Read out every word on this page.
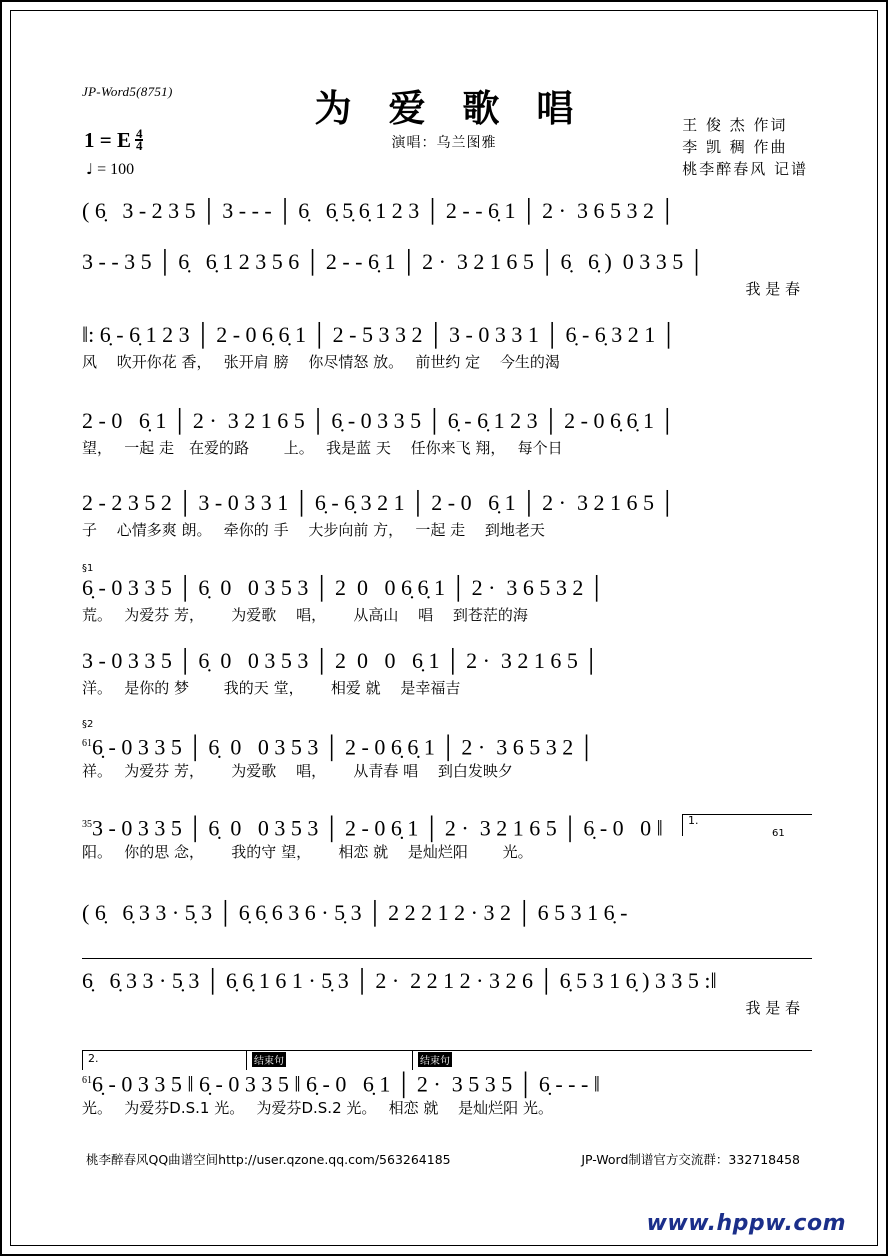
JP-Word5(8751)	为 爱 歌 唱
演唱：乌兰图雅
王 俊 杰 作词
李 凯 稠 作曲
桃李醉春风 记谱
1 = E $\frac{4}{4}$
♩ = 100
( 6̣   3 - 2 3 5 │ 3 - - - │ 6̣   6̣ 5̣ 6̣ 1 2 3 │ 2 - - 6̣ 1 │ 2 ·  3 6 5 3 2 │
3 - - 3 5 │ 6̣   6̣ 1 2 3 5 6 │ 2 - - 6̣ 1 │ 2 ·  3 2 1 6 5 │ 6̣   6̣ )  0 3 3 5 │
我 是 春
‖: 6̣ - 6̣ 1 2 3 │ 2 - 0 6̣ 6̣ 1 │ 2 - 5 3 3 2 │ 3 - 0 3 3 1 │ 6̣ - 6̣ 3 2 1 │
风　 吹开你花 香，　 张开肩 膀　 你尽情怒 放。　 前世约 定　 今生的渴
2 - 0   6̣ 1 │ 2 ·  3 2 1 6 5 │ 6̣ - 0 3 3 5 │ 6̣ - 6̣ 1 2 3 │ 2 - 0 6̣ 6̣ 1 │
望，　 一起 走　在爱的路　　 上。　 我是蓝 天　 任你来飞 翔，　 每个日
2 - 2 3 5 2 │ 3 - 0 3 3 1 │ 6̣ - 6̣ 3 2 1 │ 2 - 0   6̣ 1 │ 2 ·  3 2 1 6 5 │
子　 心情多爽 朗。　 牵你的 手　 大步向前 方，　 一起 走　 到地老天
§1
6̣ - 0 3 3 5 │ 6̣  0   0 3 5 3 │ 2  0   0 6̣ 6̣ 1 │ 2 ·  3 6 5 3 2 │
荒。　 为爱芬 芳，　　 为爱歌　 唱，　　 从高山　 唱　 到苍茫的海
3 - 0 3 3 5 │ 6̣  0   0 3 5 3 │ 2  0   0   6̣ 1 │ 2 ·  3 2 1 6 5 │
洋。　 是你的 梦　　 我的天 堂，　　 相爱 就　 是幸福吉
§2
$^{61}$6̣ - 0 3 3 5 │ 6̣  0   0 3 5 3 │ 2 - 0 6̣ 6̣ 1 │ 2 ·  3 6 5 3 2 │
祥。　 为爱芬 芳，　　 为爱歌　 唱，　　 从青春 唱　 到白发映夕
$^{35}$3 - 0 3 3 5 │ 6̣  0   0 3 5 3 │ 2 - 0 6̣ 1 │ 2 ·  3 2 1 6 5 │ 6̣ - 0   0 ‖
阳。　 你的思 念，　　 我的守 望，　　 相恋 就　 是灿烂阳　　 光。
1.
61
( 6̣   6̣ 3 3 · 5̣ 3 │ 6̣ 6̣ 6 3 6 · 5̣ 3 │ 2 2 2 1 2 · 3 2 │ 6 5 3 1 6̣ -
6̣   6̣ 3 3 · 5̣ 3 │ 6̣ 6̣ 1 6 1 · 5̣ 3 │ 2 ·  2 2 1 2 · 3 2 6 │ 6̣ 5 3 1 6̣ ) 3 3 5 :‖
我 是 春
2.	结束句	结束句
$^{61}$6̣ - 0 3 3 5 ‖ 6̣ - 0 3 3 5 ‖ 6̣ - 0   6̣ 1 │ 2 ·  3 5 3 5 │ 6̣ - - - ‖
光。　 为爱芬D.S.1 光。　 为爱芬D.S.2 光。　 相恋 就　 是灿烂阳 光。
桃李醉春风QQ曲谱空间http://user.qzone.qq.com/563264185	JP-Word制谱官方交流群：332718458
www.hppw.com
